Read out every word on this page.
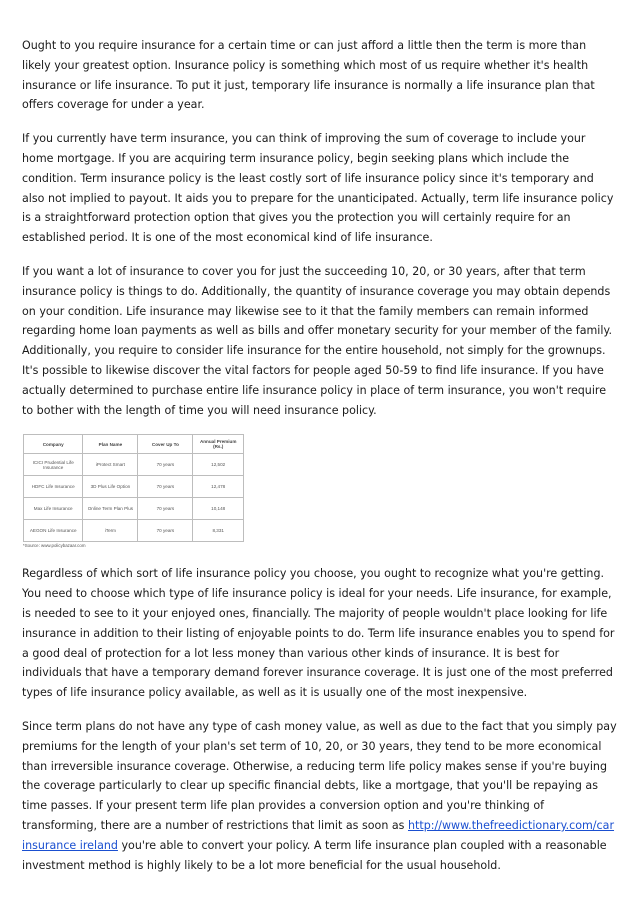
Ought to you require insurance for a certain time or can just afford a little then the term is more than likely your greatest option. Insurance policy is something which most of us require whether it's health insurance or life insurance. To put it just, temporary life insurance is normally a life insurance plan that offers coverage for under a year.

If you currently have term insurance, you can think of improving the sum of coverage to include your home mortgage. If you are acquiring term insurance policy, begin seeking plans which include the condition. Term insurance policy is the least costly sort of life insurance policy since it's temporary and also not implied to payout. It aids you to prepare for the unanticipated. Actually, term life insurance policy is a straightforward protection option that gives you the protection you will certainly require for an established period. It is one of the most economical kind of life insurance.

If you want a lot of insurance to cover you for just the succeeding 10, 20, or 30 years, after that term insurance policy is things to do. Additionally, the quantity of insurance coverage you may obtain depends on your condition. Life insurance may likewise see to it that the family members can remain informed regarding home loan payments as well as bills and offer monetary security for your member of the family. Additionally, you require to consider life insurance for the entire household, not simply for the grownups. It's possible to likewise discover the vital factors for people aged 50-59 to find life insurance. If you have actually determined to purchase entire life insurance policy in place of term insurance, you won't require to bother with the length of time you will need insurance policy.

Company	Plan Name	Cover Up To	Annual Premium (Rs.)
ICICI Prudential Life Insurance	iProtect Smart	70 years	12,502
HDFC Life Insurance	3D Plus Life Option	70 years	12,478
Max Life Insurance	Online Term Plan Plus	70 years	10,148
AEGON Life Insurance	iTerm	70 years	8,331
*Source: www.policybazaar.com

Regardless of which sort of life insurance policy you choose, you ought to recognize what you're getting. You need to choose which type of life insurance policy is ideal for your needs. Life insurance, for example, is needed to see to it your enjoyed ones, financially. The majority of people wouldn't place looking for life insurance in addition to their listing of enjoyable points to do. Term life insurance enables you to spend for a good deal of protection for a lot less money than various other kinds of insurance. It is best for individuals that have a temporary demand forever insurance coverage. It is just one of the most preferred types of life insurance policy available, as well as it is usually one of the most inexpensive.

Since term plans do not have any type of cash money value, as well as due to the fact that you simply pay premiums for the length of your plan's set term of 10, 20, or 30 years, they tend to be more economical than irreversible insurance coverage. Otherwise, a reducing term life policy makes sense if you're buying the coverage particularly to clear up specific financial debts, like a mortgage, that you'll be repaying as time passes. If your present term life plan provides a conversion option and you're thinking of transforming, there are a number of restrictions that limit as soon as http://www.thefreedictionary.com/car insurance ireland you're able to convert your policy. A term life insurance plan coupled with a reasonable investment method is highly likely to be a lot more beneficial for the usual household.
